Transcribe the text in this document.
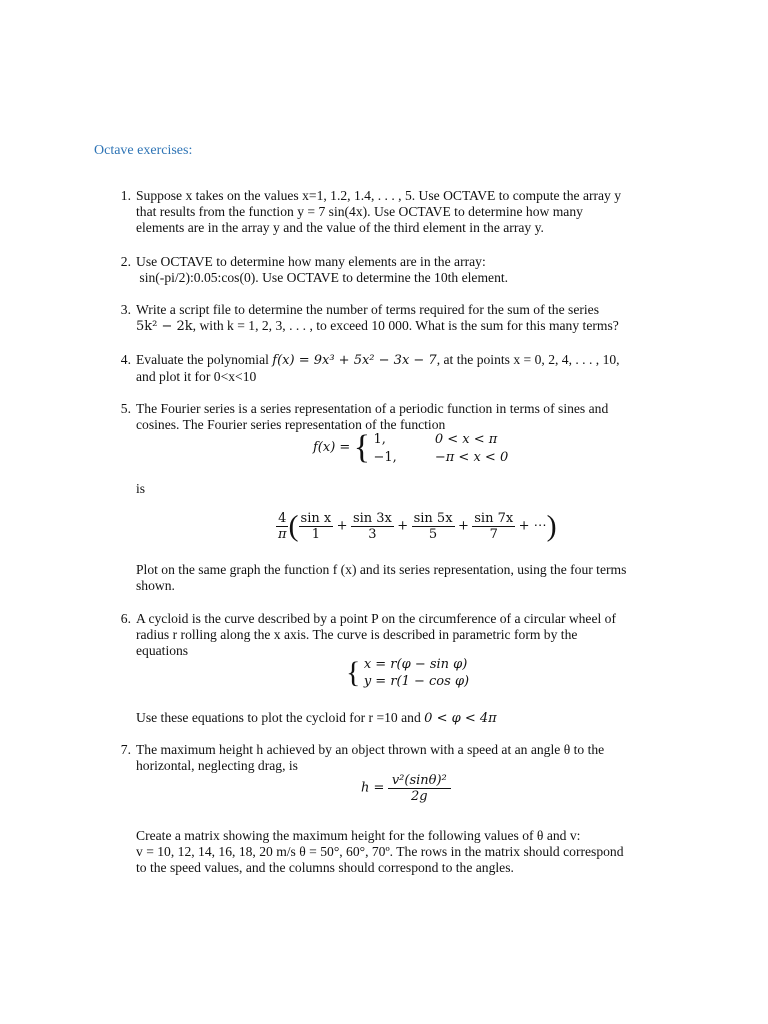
Octave exercises:
1. Suppose x takes on the values x=1, 1.2, 1.4, . . . , 5. Use OCTAVE to compute the array y
that results from the function y = 7 sin(4x). Use OCTAVE to determine how many
elements are in the array y and the value of the third element in the array y.
2. Use OCTAVE to determine how many elements are in the array:
sin(-pi/2):0.05:cos(0). Use OCTAVE to determine the 10th element.
3. Write a script file to determine the number of terms required for the sum of the series
5k² − 2k, with k = 1, 2, 3, . . . , to exceed 10 000. What is the sum for this many terms?
4. Evaluate the polynomial f(x) = 9x³ + 5x² − 3x − 7, at the points x = 0, 2, 4, . . . , 10,
and plot it for 0<x<10
5. The Fourier series is a series representation of a periodic function in terms of sines and
cosines. The Fourier series representation of the function
f(x) = { 1,	0 < x < π
−1,	−π < x < 0
is
$\frac{4}{\pi}$ ( $\frac{\text{sin x}}{1} + \frac{\sin 3x}{3} + \frac{\sin 5x}{5} + \frac{\sin 7x}{7}$ + ⋯)
Plot on the same graph the function f (x) and its series representation, using the four terms
shown.
6. A cycloid is the curve described by a point P on the circumference of a circular wheel of
radius r rolling along the x axis. The curve is described in parametric form by the
equations
{ x = r(φ − sin φ)
y = r(1 − cos φ)
Use these equations to plot the cycloid for r =10 and 0 < φ < 4π
7. The maximum height h achieved by an object thrown with a speed at an angle θ to the
horizontal, neglecting drag, is
$h = \frac{\text{v²(sinθ)²}}{2g}$
Create a matrix showing the maximum height for the following values of θ and v:
v = 10, 12, 14, 16, 18, 20 m/s θ = 50°, 60°, 70º. The rows in the matrix should correspond
to the speed values, and the columns should correspond to the angles.
